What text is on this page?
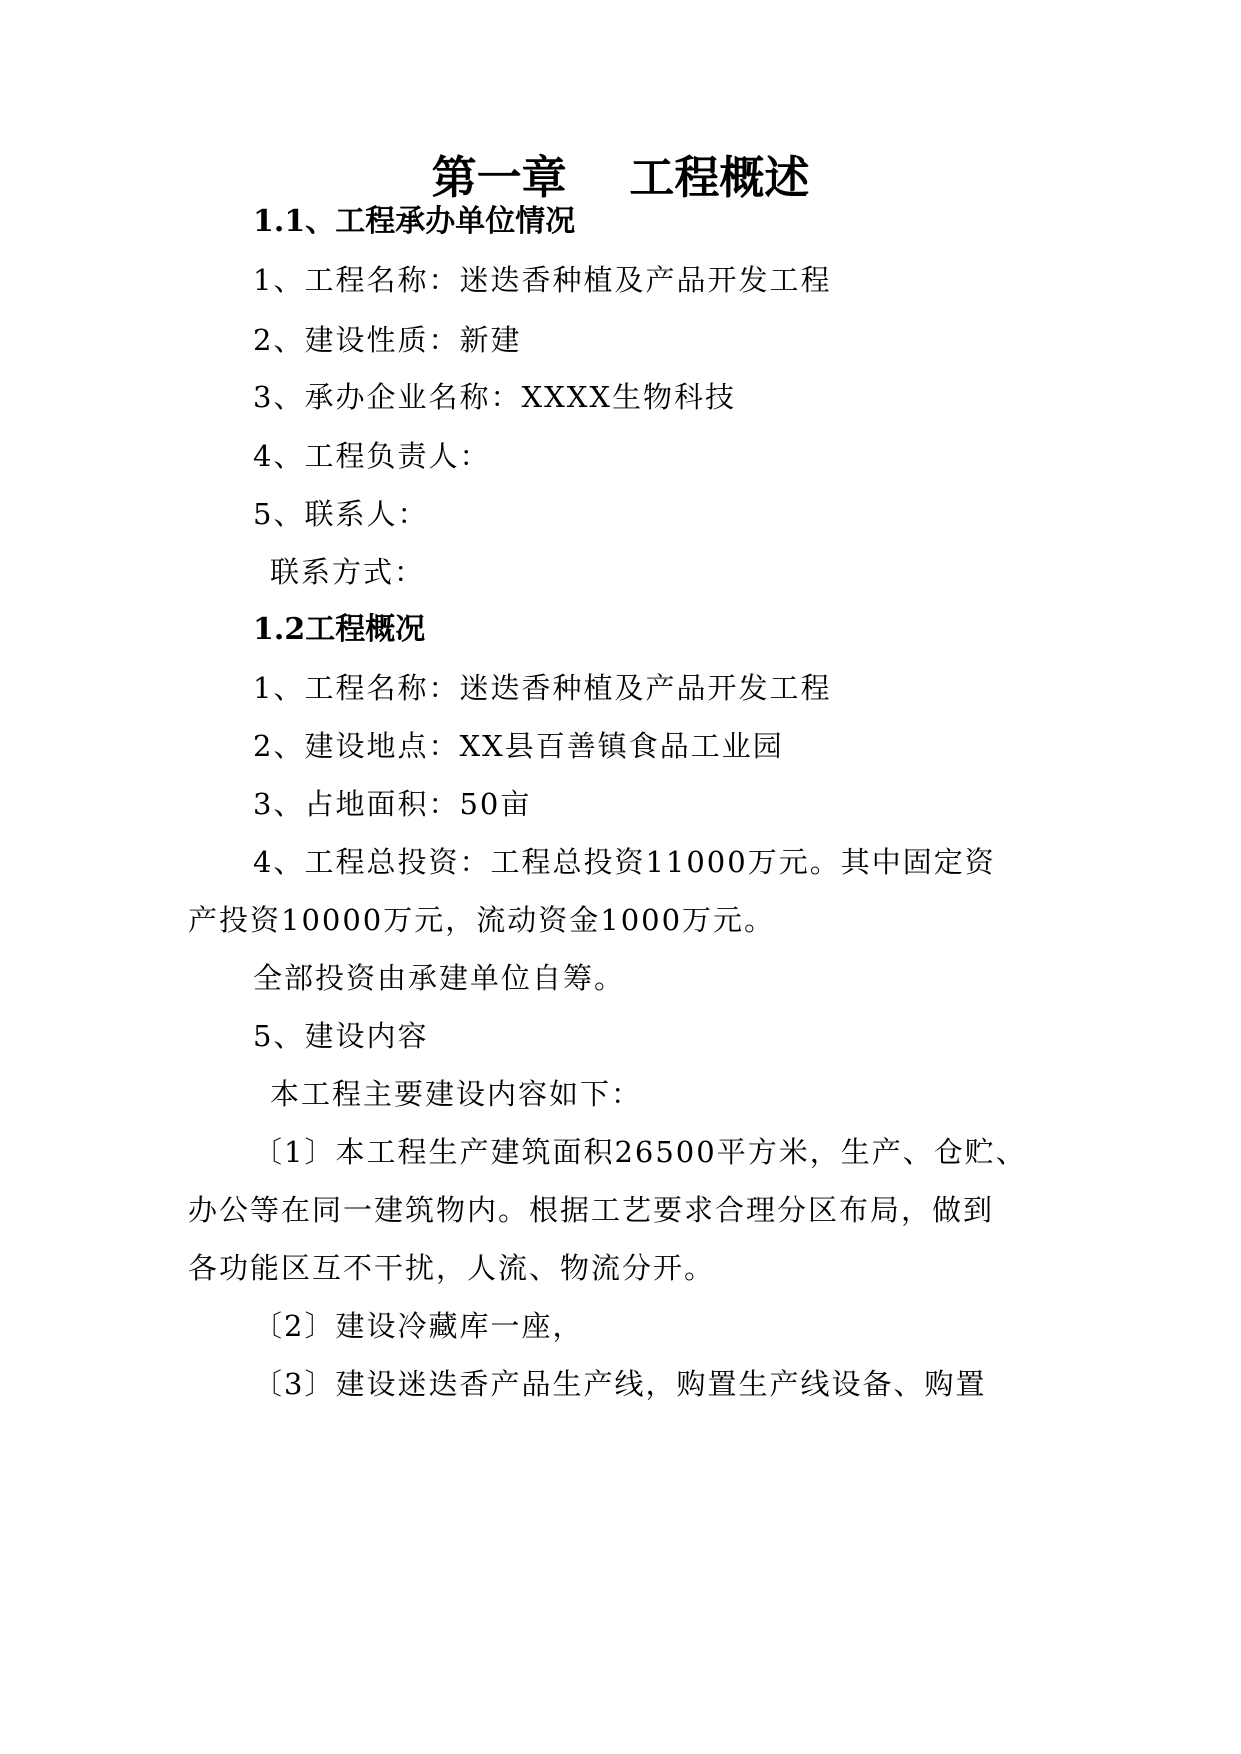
第一章    工程概述
1.1、工程承办单位情况

1、工程名称：迷迭香种植及产品开发工程

2、建设性质：新建

3、承办企业名称：XXXX生物科技

4、工程负责人：

5、联系人：

联系方式：

1.2工程概况

1、工程名称：迷迭香种植及产品开发工程

2、建设地点：XX县百善镇食品工业园

3、占地面积：50亩

4、工程总投资：工程总投资11000万元。其中固定资

产投资10000万元，流动资金1000万元。

全部投资由承建单位自筹。

5、建设内容

本工程主要建设内容如下：

〔1〕本工程生产建筑面积26500平方米，生产、仓贮、

办公等在同一建筑物内。根据工艺要求合理分区布局，做到

各功能区互不干扰，人流、物流分开。

〔2〕建设冷藏库一座，

〔3〕建设迷迭香产品生产线，购置生产线设备、购置
